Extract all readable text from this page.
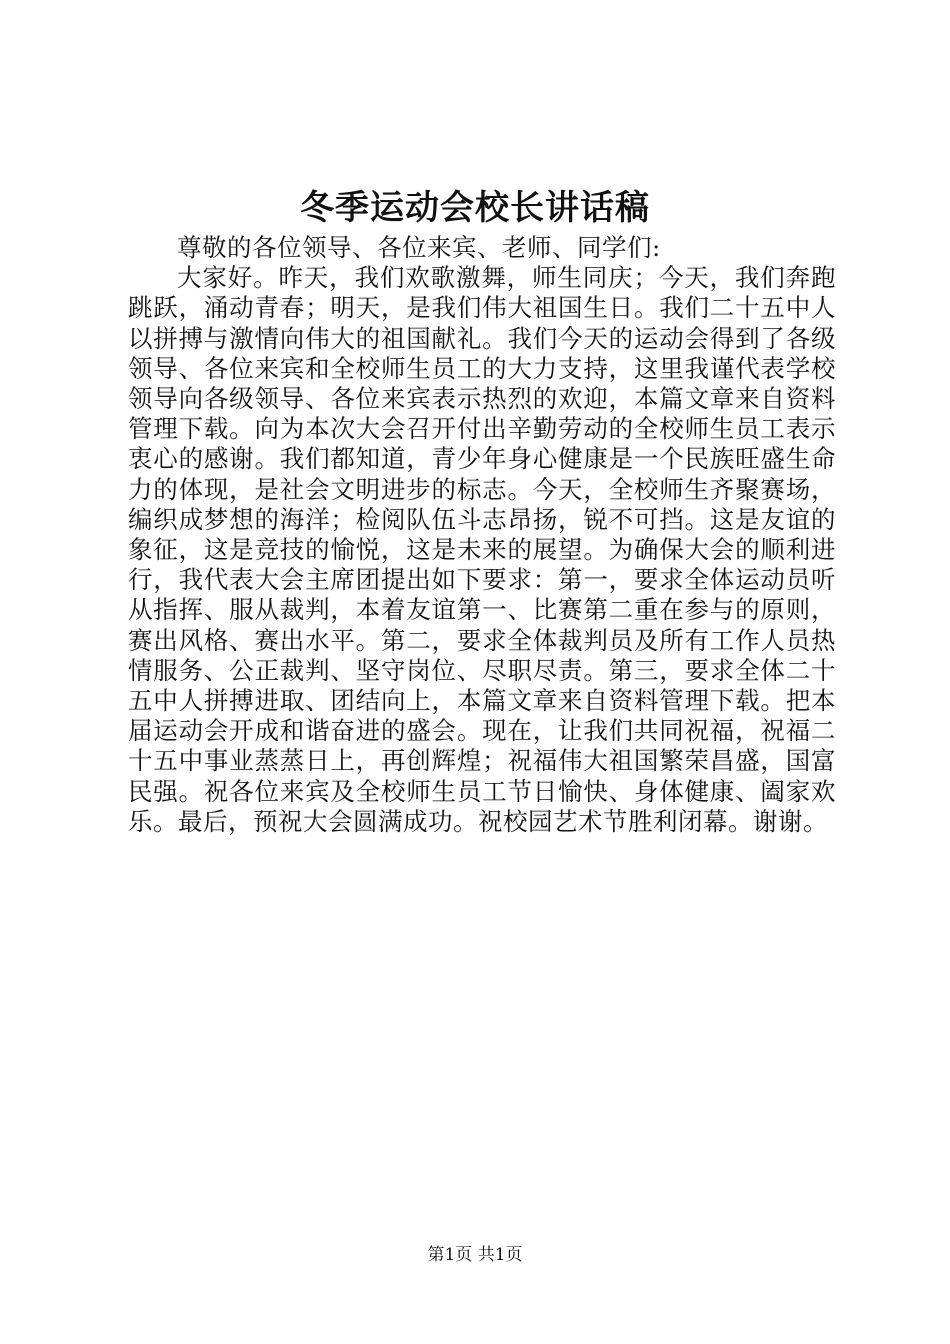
冬季运动会校长讲话稿

尊敬的各位领导、各位来宾、老师、同学们:

大家好。昨天，我们欢歌激舞，师生同庆；今天，我们奔跑跳跃，涌动青春；明天，是我们伟大祖国生日。我们二十五中人以拼搏与激情向伟大的祖国献礼。我们今天的运动会得到了各级领导、各位来宾和全校师生员工的大力支持，这里我谨代表学校领导向各级领导、各位来宾表示热烈的欢迎，本篇文章来自资料管理下载。向为本次大会召开付出辛勤劳动的全校师生员工表示衷心的感谢。我们都知道，青少年身心健康是一个民族旺盛生命力的体现，是社会文明进步的标志。今天，全校师生齐聚赛场，编织成梦想的海洋；检阅队伍斗志昂扬，锐不可挡。这是友谊的象征，这是竞技的愉悦，这是未来的展望。为确保大会的顺利进行，我代表大会主席团提出如下要求：第一，要求全体运动员听从指挥、服从裁判，本着友谊第一、比赛第二重在参与的原则，赛出风格、赛出水平。第二，要求全体裁判员及所有工作人员热情服务、公正裁判、坚守岗位、尽职尽责。第三，要求全体二十五中人拼搏进取、团结向上，本篇文章来自资料管理下载。把本届运动会开成和谐奋进的盛会。现在，让我们共同祝福，祝福二十五中事业蒸蒸日上，再创辉煌；祝福伟大祖国繁荣昌盛，国富民强。祝各位来宾及全校师生员工节日愉快、身体健康、阖家欢乐。最后，预祝大会圆满成功。祝校园艺术节胜利闭幕。谢谢。

第1页 共1页
